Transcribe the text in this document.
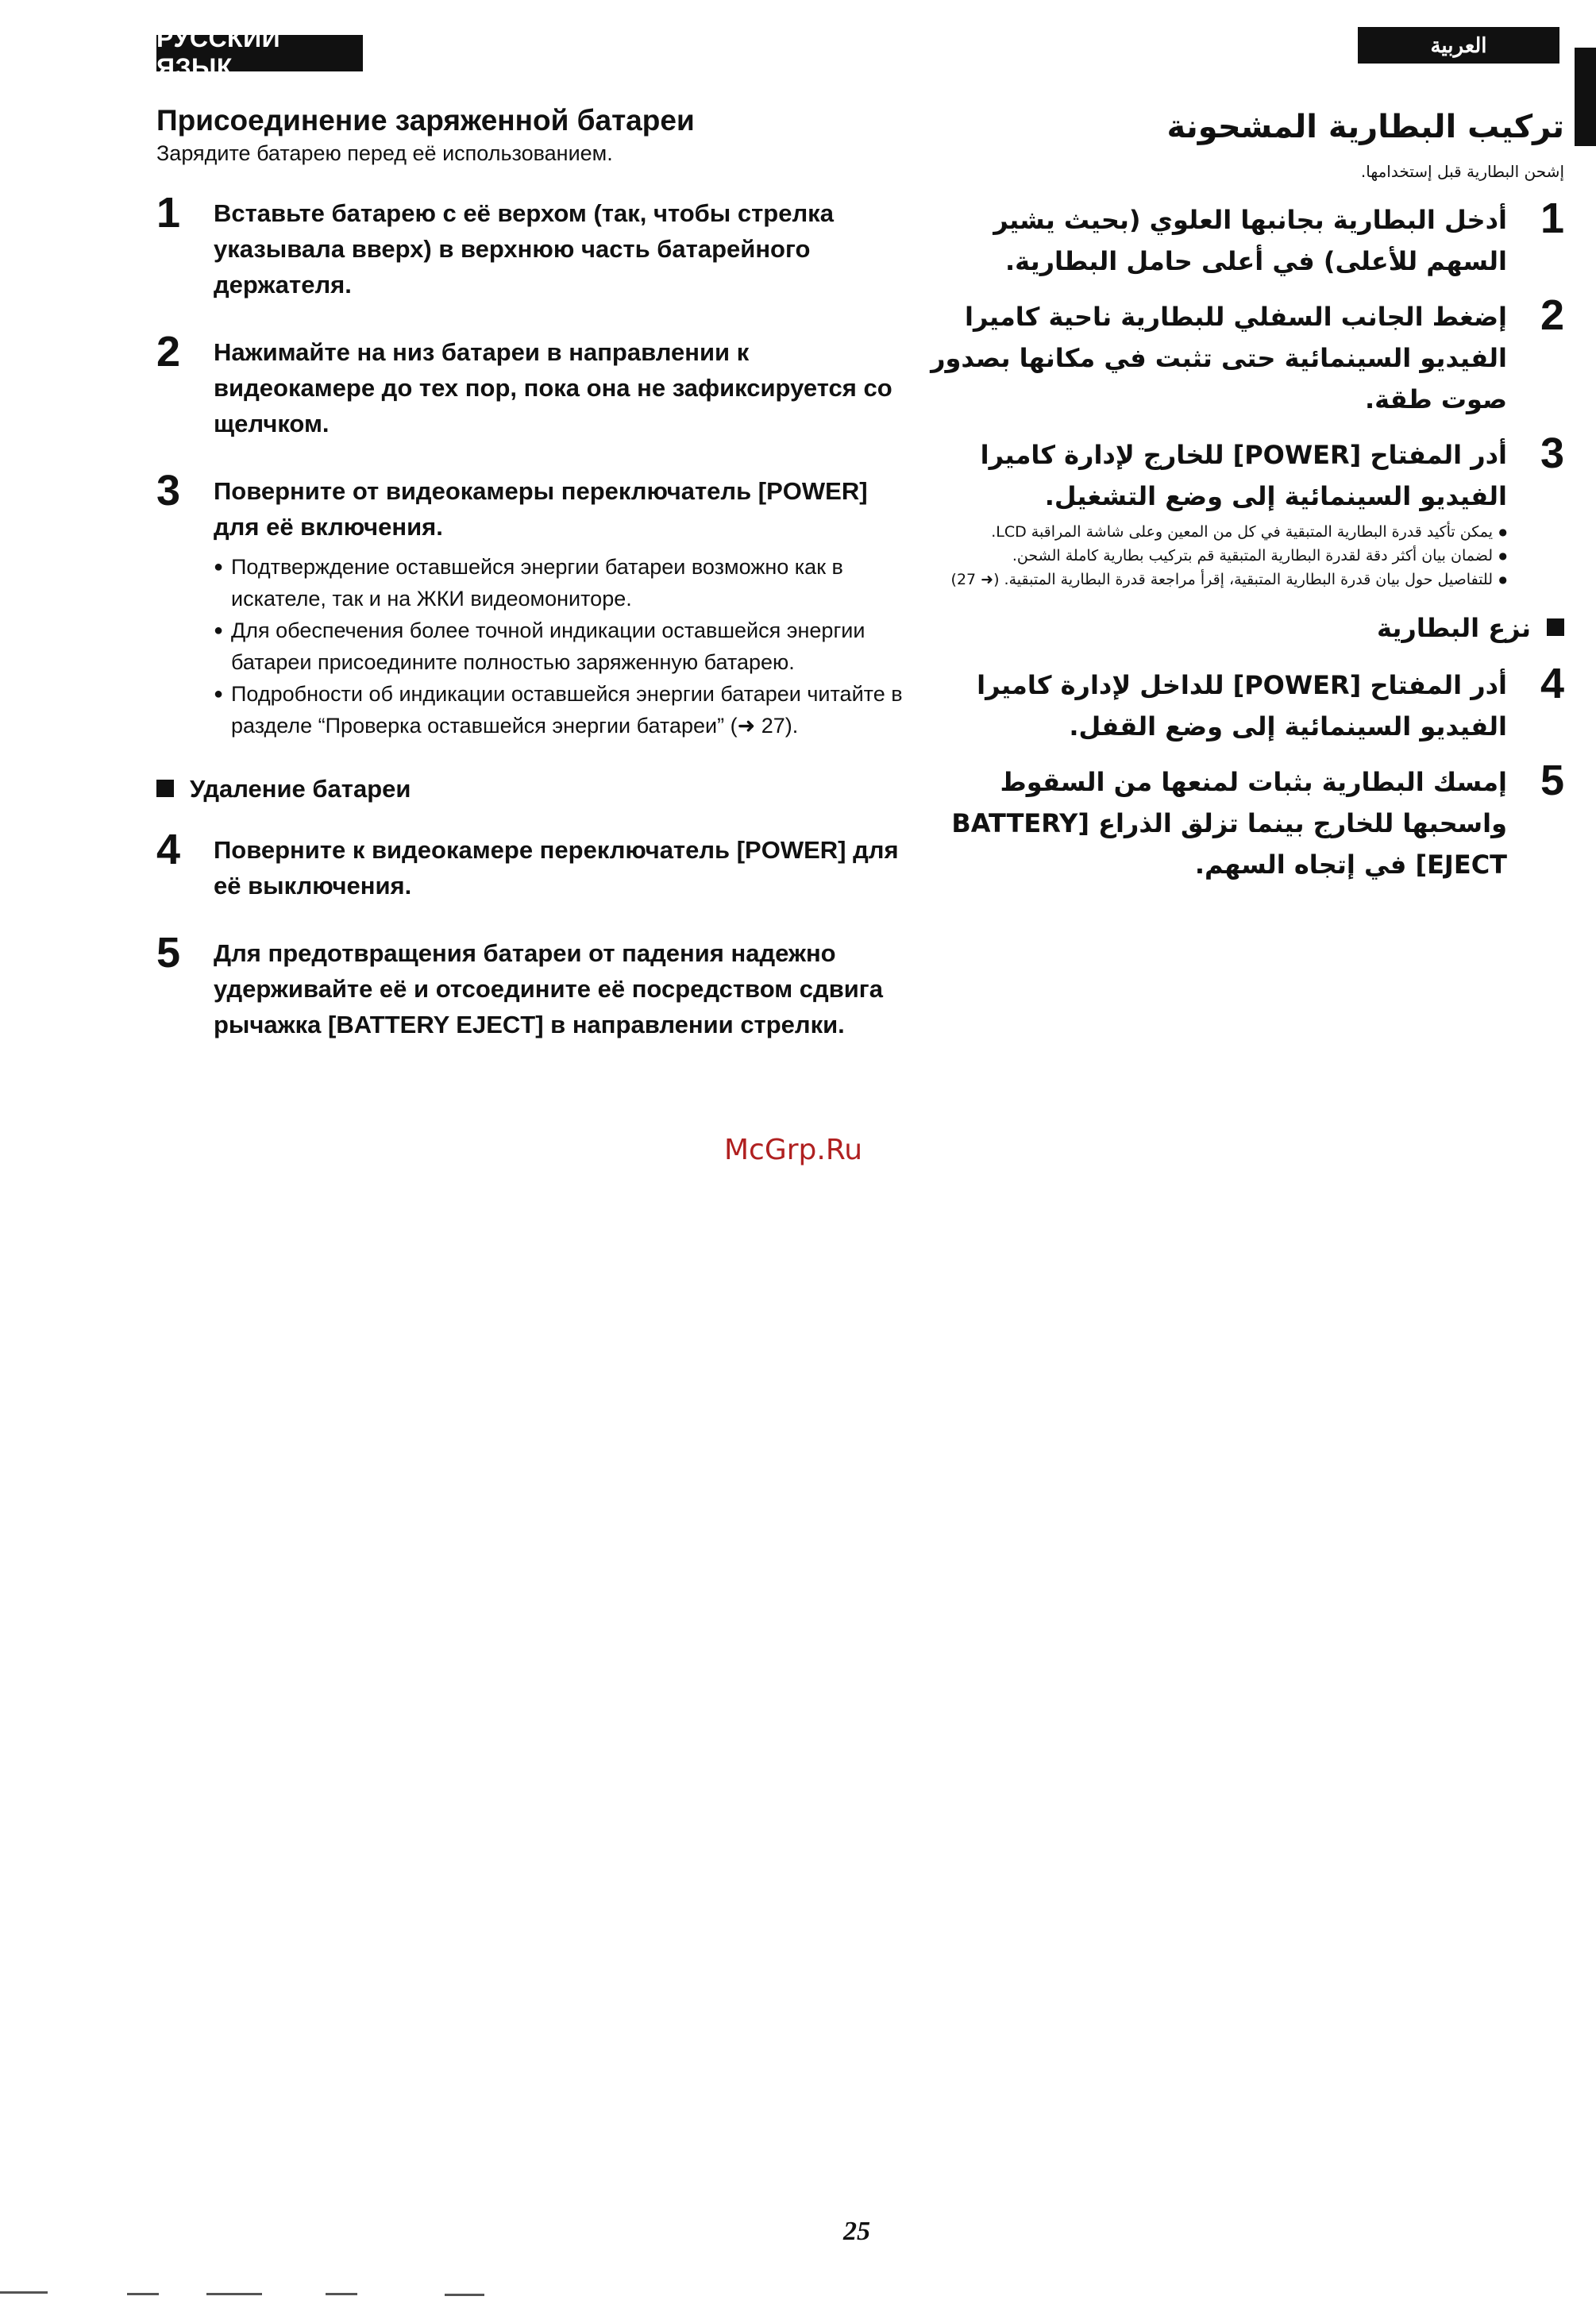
РУССКИЙ ЯЗЫК
العربية
Присоединение заряженной батареи

Зарядите батарею перед её использованием.

1 Вставьте батарею с её верхом (так, чтобы стрелка указывала вверх) в верхнюю часть батарейного держателя.
2 Нажимайте на низ батареи в направлении к видеокамере до тех пор, пока она не зафиксируется со щелчком.
3 Поверните от видеокамеры переключатель [POWER] для её включения.
● Подтверждение оставшейся энергии батареи возможно как в искателе, так и на ЖКИ видеомониторе.
● Для обеспечения более точной индикации оставшейся энергии батареи присоедините полностью заряженную батарею.
● Подробности об индикации оставшейся энергии батареи читайте в разделе “Проверка оставшейся энергии батареи” (➜ 27).
Удаление батареи
4 Поверните к видеокамере переключатель [POWER] для её выключения.
5 Для предотвращения батареи от падения надежно удерживайте её и отсоедините её посредством сдвига рычажка [BATTERY EJECT] в направлении стрелки.
تركيب البطارية المشحونة

إشحن البطارية قبل إستخدامها.

1
أدخل البطارية بجانبها العلوي (بحيث يشير السهم للأعلى) في أعلى حامل البطارية.
2
إضغط الجانب السفلي للبطارية ناحية كاميرا الفيديو السينمائية حتى تثبت في مكانها بصدور صوت طقة.
3
أدر المفتاح [POWER] للخارج لإدارة كاميرا الفيديو السينمائية إلى وضع التشغيل.
● يمكن تأكيد قدرة البطارية المتبقية في كل من المعين وعلى شاشة المراقبة LCD.
● لضمان بيان أكثر دقة لقدرة البطارية المتبقية قم بتركيب بطارية كاملة الشحن.
● للتفاصيل حول بيان قدرة البطارية المتبقية، إقرأ مراجعة قدرة البطارية المتبقية. (➜ 27)
نزع البطارية
4
أدر المفتاح [POWER] للداخل لإدارة كاميرا الفيديو السينمائية إلى وضع القفل.
5
إمسك البطارية بثبات لمنعها من السقوط واسحبها للخارج بينما تزلق الذراع [BATTERY EJECT] في إتجاه السهم.
McGrp.Ru
25
